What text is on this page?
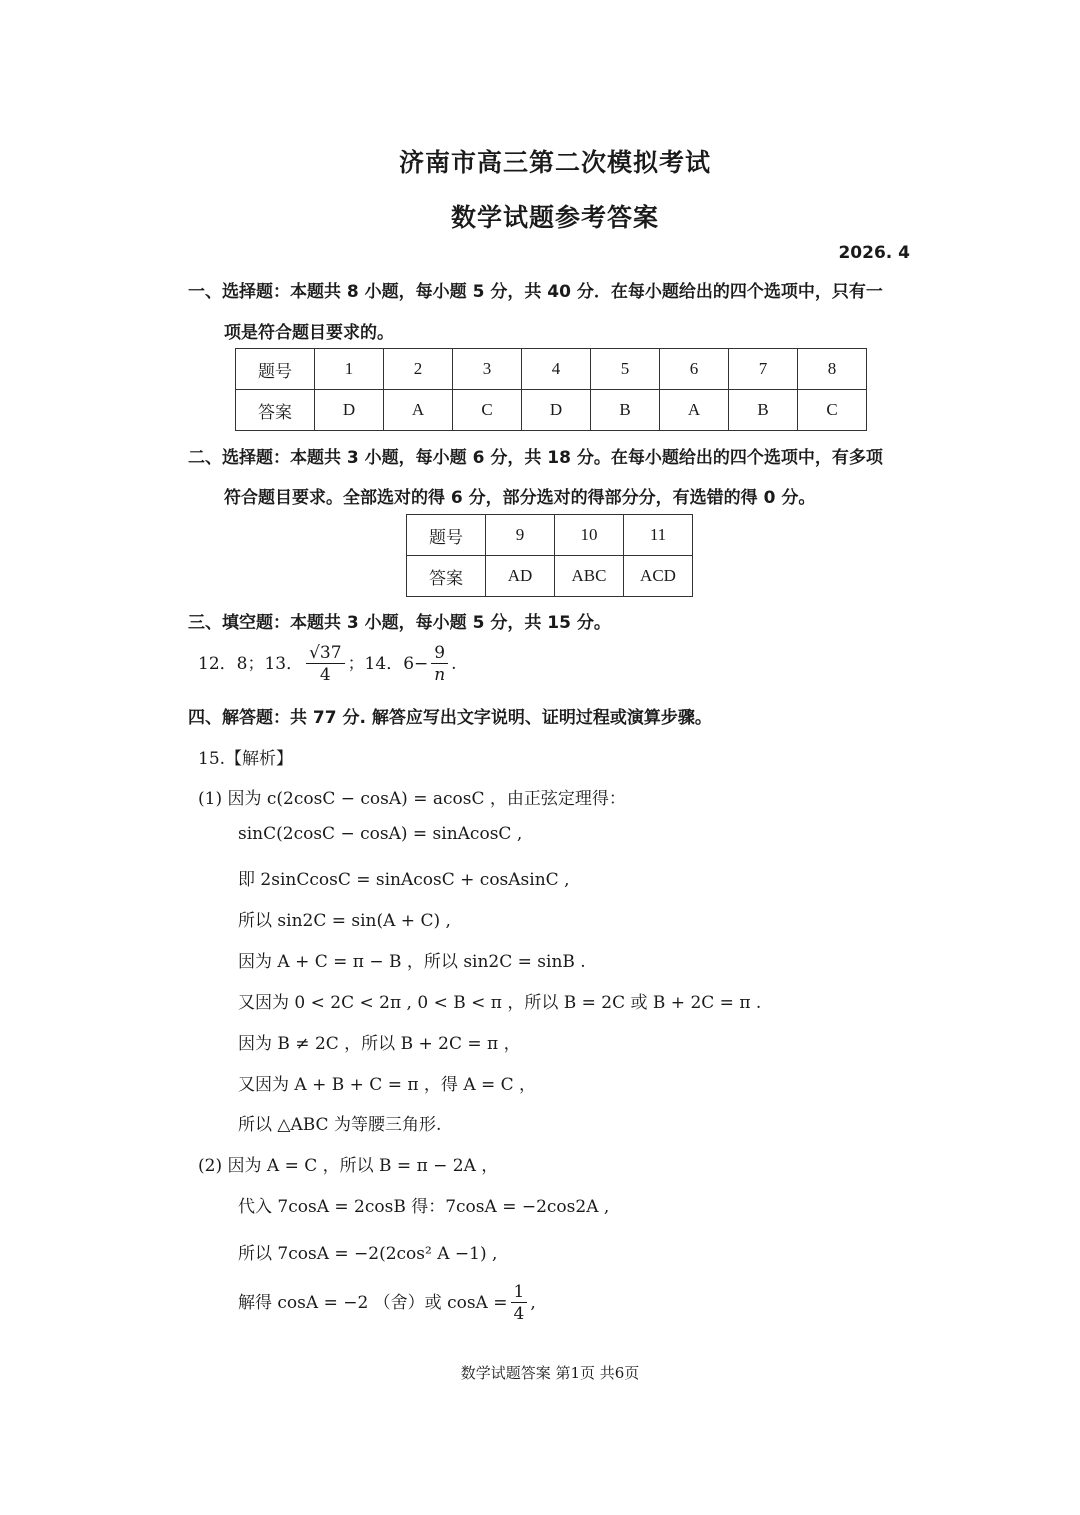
济南市高三第二次模拟考试
数学试题参考答案
2026. 4
一、选择题：本题共 8 小题，每小题 5 分，共 40 分．在每小题给出的四个选项中，只有一
项是符合题目要求的。
题号	1	2	3	4	5	6	7	8
答案	D	A	C	D	B	A	B	C
二、选择题：本题共 3 小题，每小题 6 分，共 18 分。在每小题给出的四个选项中，有多项
符合题目要求。全部选对的得 6 分，部分选对的得部分分，有选错的得 0 分。
题号	9	10	11
答案	AD	ABC	ACD
三、填空题：本题共 3 小题，每小题 5 分，共 15 分。
12．8；13． $\frac{√37}{4}$ ；14．$6- \frac{9}{n}$ .
四、解答题：共 77 分. 解答应写出文字说明、证明过程或演算步骤。
15.【解析】
(1) 因为 c(2cosC − cosA) = acosC ，由正弦定理得：
sinC(2cosC − cosA) = sinAcosC ,
即 2sinCcosC = sinAcosC + cosAsinC ,
所以 sin2C = sin(A + C) ,
因为 A + C = π − B ，所以 sin2C = sinB .
又因为 0 < 2C < 2π , 0 < B < π ，所以 B = 2C 或 B + 2C = π .
因为 B ≠ 2C ，所以 B + 2C = π ，
又因为 A + B + C = π ，得 A = C ，
所以 △ABC 为等腰三角形.
(2) 因为 A = C ，所以 B = π − 2A ，
代入 7cosA = 2cosB 得：7cosA = −2cos2A ,
所以 7cosA = −2(2cos² A −1) ,
解得 cosA = −2 （舍）或 $\cos A = \frac{1}{4}$ ,
数学试题答案 第1页 共6页
